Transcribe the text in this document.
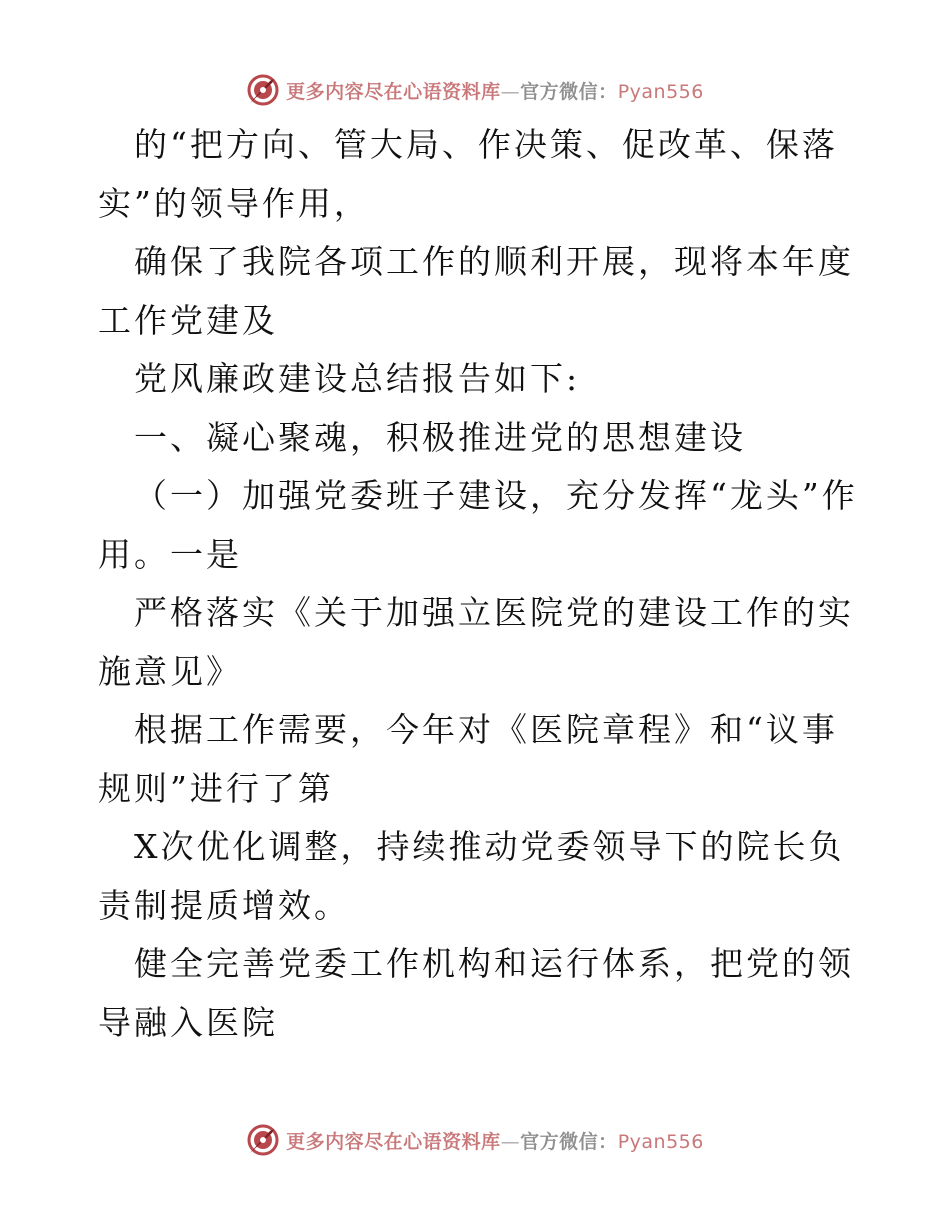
更多内容尽在心语资料库—官方微信：Pyan556

的“把方向、管大局、作决策、促改革、保落实”的领导作用，

确保了我院各项工作的顺利开展，现将本年度工作党建及

党风廉政建设总结报告如下:

一、凝心聚魂，积极推进党的思想建设

（一）加强党委班子建设，充分发挥“龙头”作用。一是

严格落实《关于加强立医院党的建设工作的实施意见》

根据工作需要，今年对《医院章程》和“议事规则”进行了第

X次优化调整，持续推动党委领导下的院长负责制提质增效。

健全完善党委工作机构和运行体系，把党的领导融入医院

更多内容尽在心语资料库—官方微信：Pyan556
